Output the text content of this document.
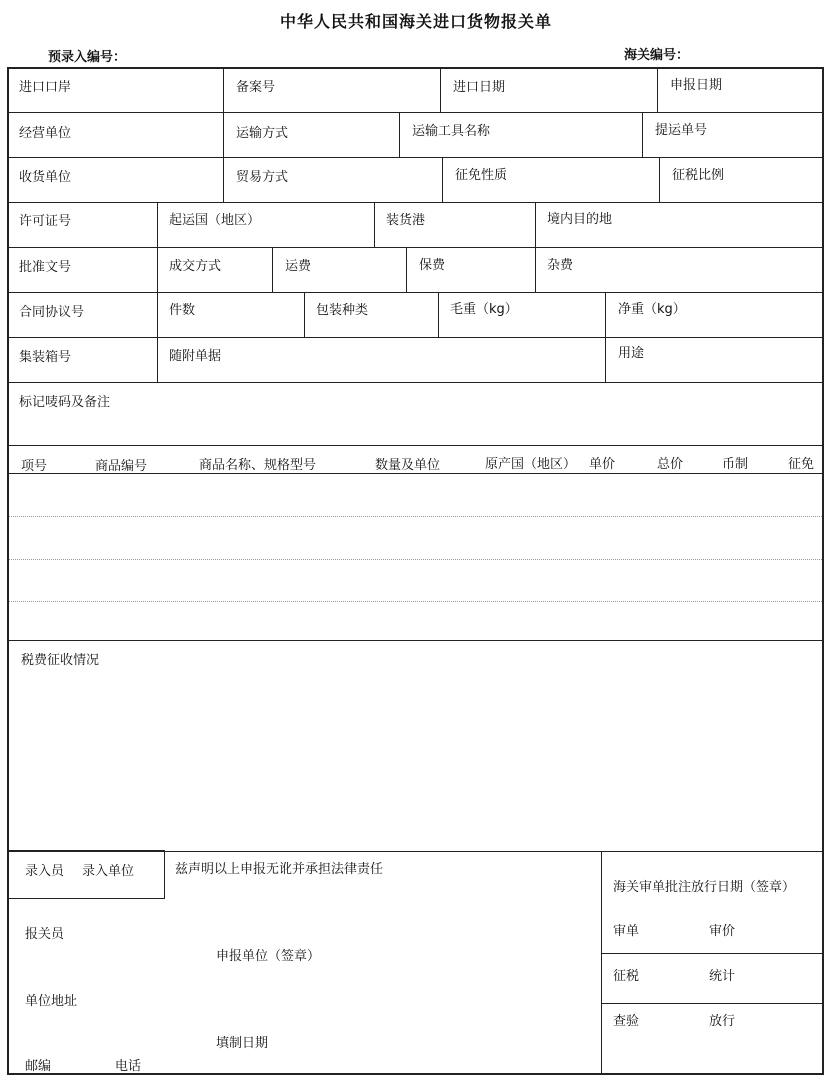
中华人民共和国海关进口货物报关单
预录入编号：	海关编号：
进口口岸	备案号	进口日期	申报日期
经营单位	运输方式	运输工具名称	提运单号
收货单位	贸易方式	征免性质	征税比例
许可证号	起运国（地区）	装货港	境内目的地
批准文号	成交方式	运费	保费	杂费
合同协议号	件数	包装种类	毛重（kg）	净重（kg）
集装箱号	随附单据	用途
标记唛码及备注
项号	商品编号	商品名称、规格型号	数量及单位	原产国（地区） 单价	总价	币制	征免
税费征收情况
录入员 录入单位	兹声明以上申报无讹并承担法律责任
报关员
申报单位（签章）
单位地址
填制日期
邮编	电话
海关审单批注放行日期（签章）
审单	审价
征税	统计
查验	放行
